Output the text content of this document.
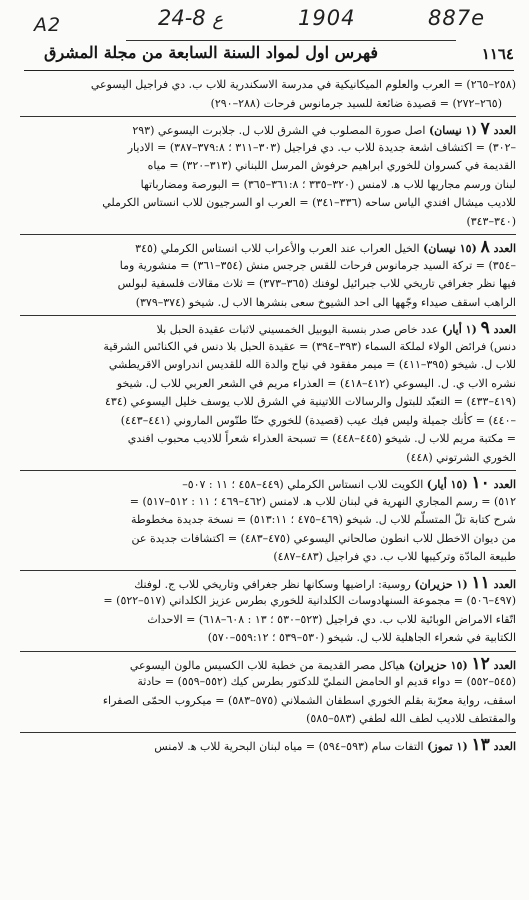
A2	24-8 ع	1904	887e
١١٦٤
فهرس اول لمواد السنة السابعة من مجلة المشرق
(٢٥٨–٢٦٥) = العرب والعلوم الميكانيكية في مدرسة الاسكندرية للاب ب. دي فراجيل اليسوعي
(٢٦٥–٢٧٢) = قصيدة ضائعة للسيد جرمانوس فرحات (٢٨٨–٢٩٠)
العدد ٧ (١ نيسان) اصل صورة المصلوب في الشرق للاب ل. جلابرت اليسوعي (٢٩٣
–٣٠٢) = اكتشاف اشعة جديدة للاب ب. دي فراجيل (٣٠٣–٣١١ ؛ ٣٧٩:٨–٣٨٧) = الاديار
القديمة في كسروان للخوري ابراهيم حرفوش المرسل اللبناني (٣١٣–٣٢٠) = مياه
لبنان ورسم مجاريها للاب ﻫ. لامنس (٣٢٠–٣٣٥ ؛ ٣٦١:٨–٣٦٥) = البورصة ومضارباتها
للاديب ميشال افندي الياس ساحه (٣٣٦–٣٤١) = العرب او السرجيون للاب انستاس الكرملي
(٣٤٠–٣٤٣)
العدد ٨ (١٥ نيسان) الخيل العراب عند العرب والأعراب للاب انستاس الكرملي (٣٤٥
–٣٥٤) = تركة السيد جرمانوس فرحات للقس جرجس منش (٣٥٤–٣٦١) = منشورية وما
فيها نظر جغرافي تاريخي للاب جبرائيل لوفنك (٣٦٥–٣٧٣) = ثلاث مقالات فلسفية لبولس
الراهب اسقف صيداء وجّهها الى احد الشيوخ سعى بنشرها الاب ل. شيخو (٣٧٤–٣٧٩)
العدد ٩ (١ أيار) عدد خاص صدر بنسبة اليوبيل الخمسيني لاثبات عقيدة الحبل بلا
دنس) فرائض الولاء لملكة السماء (٣٩٣–٣٩٤) = عقيدة الحبل بلا دنس في الكنائس الشرقية
للاب ل. شيخو (٣٩٥–٤١١) = ميمر مفقود في نياح والدة الله للقديس اندراوس الاقريطشي
نشره الاب ي. ل. اليسوعي (٤١٢–٤١٨) = العذراء مريم في الشعر العربي للاب ل. شيخو
(٤١٩–٤٣٣) = التعبّد للبتول والرسالات اللاتينية في الشرق للاب يوسف خليل اليسوعي (٤٣٤
–٤٤٠) = كأنك جميلة وليس فيك عيب (قصيدة) للخوري حنّا طنّوس الماروني (٤٤١–٤٤٣)
= مكتبة مريم للاب ل. شيخو (٤٤٥–٤٤٨) = تسبحة العذراء شعراً للاديب محبوب افندي
الخوري الشرتوني (٤٤٨)
العدد ١٠ (١٥ أيار) الكويت للاب انستاس الكرملي (٤٤٩–٤٥٨ ؛ ١١ : ٥٠٧–
٥١٢) = رسم المجاري النهرية في لبنان للاب ﻫ. لامنس (٤٦٢–٤٦٩ ؛ ١١ : ٥١٢–٥١٧) =
شرح كتابة تلّ المتسلّم للاب ل. شيخو (٤٦٩–٤٧٥ ؛ ٥١٣:١١) = نسخة جديدة مخطوطة
من ديوان الاخطل للاب انطون صالحاني اليسوعي (٤٧٥–٤٨٣) = اكتشافات جديدة عن
طبيعة المادّة وتركيبها للاب ب. دي فراجيل (٤٨٣–٤٨٧)
العدد ١١ (١ حزيران) روسية: اراضيها وسكانها نظر جغرافي وتاريخي للاب ج. لوفنك
(٤٩٧–٥٠٦) = مجموعة السنهادوسات الكلدانية للخوري بطرس عزيز الكلداني (٥١٧–٥٢٢) =
اتّقاء الامراض الوبائية للاب ب. دي فراجيل (٥٢٣–٥٣٠ ؛ ١٣ : ٦٠٨–٦١٨) = الاحداث
الكتابية في شعراء الجاهلية للاب ل. شيخو (٥٣٠–٥٣٩ ؛ ٥٥٩:١٢–٥٧٠)
العدد ١٢ (١٥ حزيران) هياكل مصر القديمة من خطبة للاب الكسيس مالون اليسوعي
(٥٤٥–٥٥٢) = دواء قديم او الحامض النمليّ للدكتور بطرس كيك (٥٥٢–٥٥٩) = حادثة
اسقف، رواية معرّبة بقلم الخوري اسطفان الشملاني (٥٧٥–٥٨٣) = ميكروب الحمّى الصفراء
والمقتطف للاديب لطف الله لطفي (٥٨٣–٥٨٥)
العدد ١٣ (١ تموز) التفات سام (٥٩٣–٥٩٤) = مياه لبنان البحرية للاب ﻫ. لامنس
